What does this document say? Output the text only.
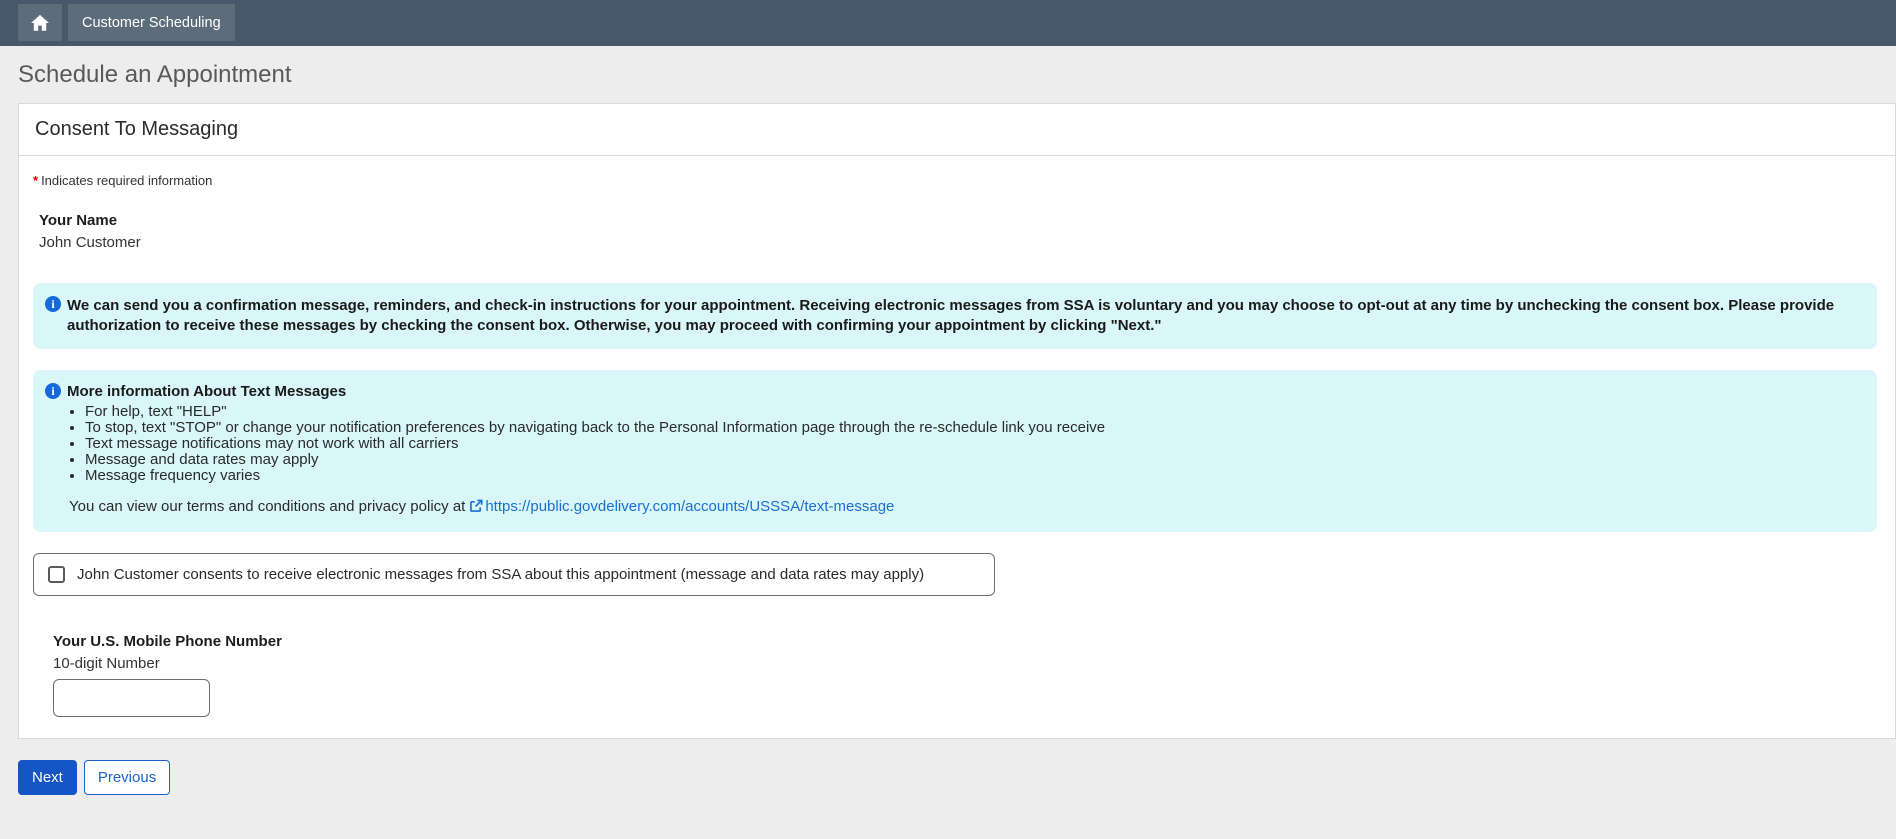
Customer Scheduling
Schedule an Appointment
Consent To Messaging
* Indicates required information
Your Name
John Customer
i We can send you a confirmation message, reminders, and check-in instructions for your appointment. Receiving electronic messages from SSA is voluntary and you may choose to opt-out at any time by unchecking the consent box. Please provide authorization to receive these messages by checking the consent box. Otherwise, you may proceed with confirming your appointment by clicking "Next."
i More information About Text Messages
• For help, text "HELP"
• To stop, text "STOP" or change your notification preferences by navigating back to the Personal Information page through the re-schedule link you receive
• Text message notifications may not work with all carriers
• Message and data rates may apply
• Message frequency varies
You can view our terms and conditions and privacy policy at https://public.govdelivery.com/accounts/USSSA/text-message
John Customer consents to receive electronic messages from SSA about this appointment (message and data rates may apply)
Your U.S. Mobile Phone Number
10-digit Number
Next	Previous
